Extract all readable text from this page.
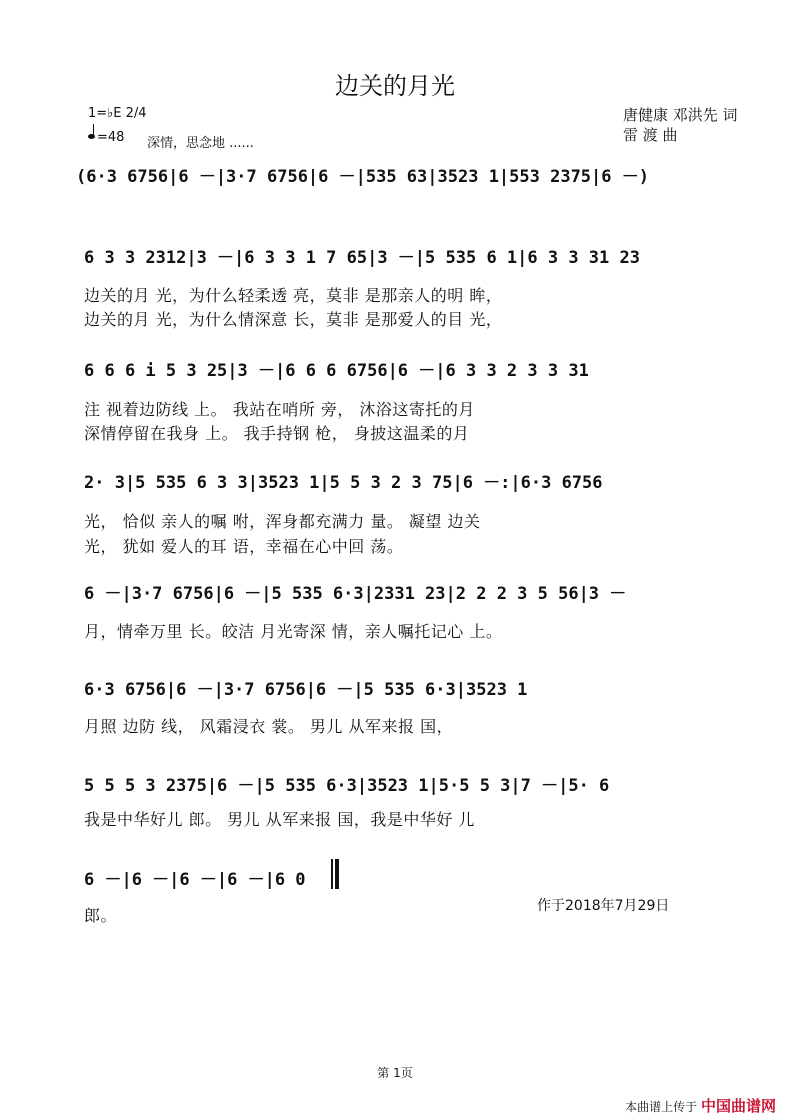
边关的月光
唐健康 邓洪先 词
雷 渡 曲
1=♭E 2/4
=48 深情，思念地 ......
(6·3 6756|6 －|3·7 6756|6 －|535 63|3523 1|553 2375|6 －)
6 3 3 2312|3 －|6 3 3 1 7 65|3 －|5 535 6 1|6 3 3 31 23
边关的月 光，为什么轻柔透 亮，莫非 是那亲人的明 眸，
边关的月 光，为什么情深意 长，莫非 是那爱人的目 光，
6 6 6 i 5 3 25|3 －|6 6 6 6756|6 －|6 3 3 2 3 3 31
注 视着边防线 上。 我站在哨所 旁， 沐浴这寄托的月
深情停留在我身 上。 我手持钢 枪， 身披这温柔的月
2· 3|5 535 6 3 3|3523 1|5 5 3 2 3 75|6 －:|6·3 6756
光， 恰似 亲人的嘱 咐，浑身都充满力 量。 凝望 边关
光， 犹如 爱人的耳 语，幸福在心中回 荡。
6 －|3·7 6756|6 －|5 535 6·3|2331 23|2 2 2 3 5 56|3 －
月，情牵万里 长。皎洁 月光寄深 情，亲人嘱托记心 上。
6·3 6756|6 －|3·7 6756|6 －|5 535 6·3|3523 1
月照 边防 线， 风霜浸衣 裳。 男儿 从军来报 国，
5 5 5 3 2375|6 －|5 535 6·3|3523 1|5·5 5 3|7 －|5· 6
我是中华好儿 郎。 男儿 从军来报 国，我是中华好 儿
6 －|6 －|6 －|6 －|6 0
郎。	作于2018年7月29日
第 1页
本曲谱上传于 中国曲谱网
